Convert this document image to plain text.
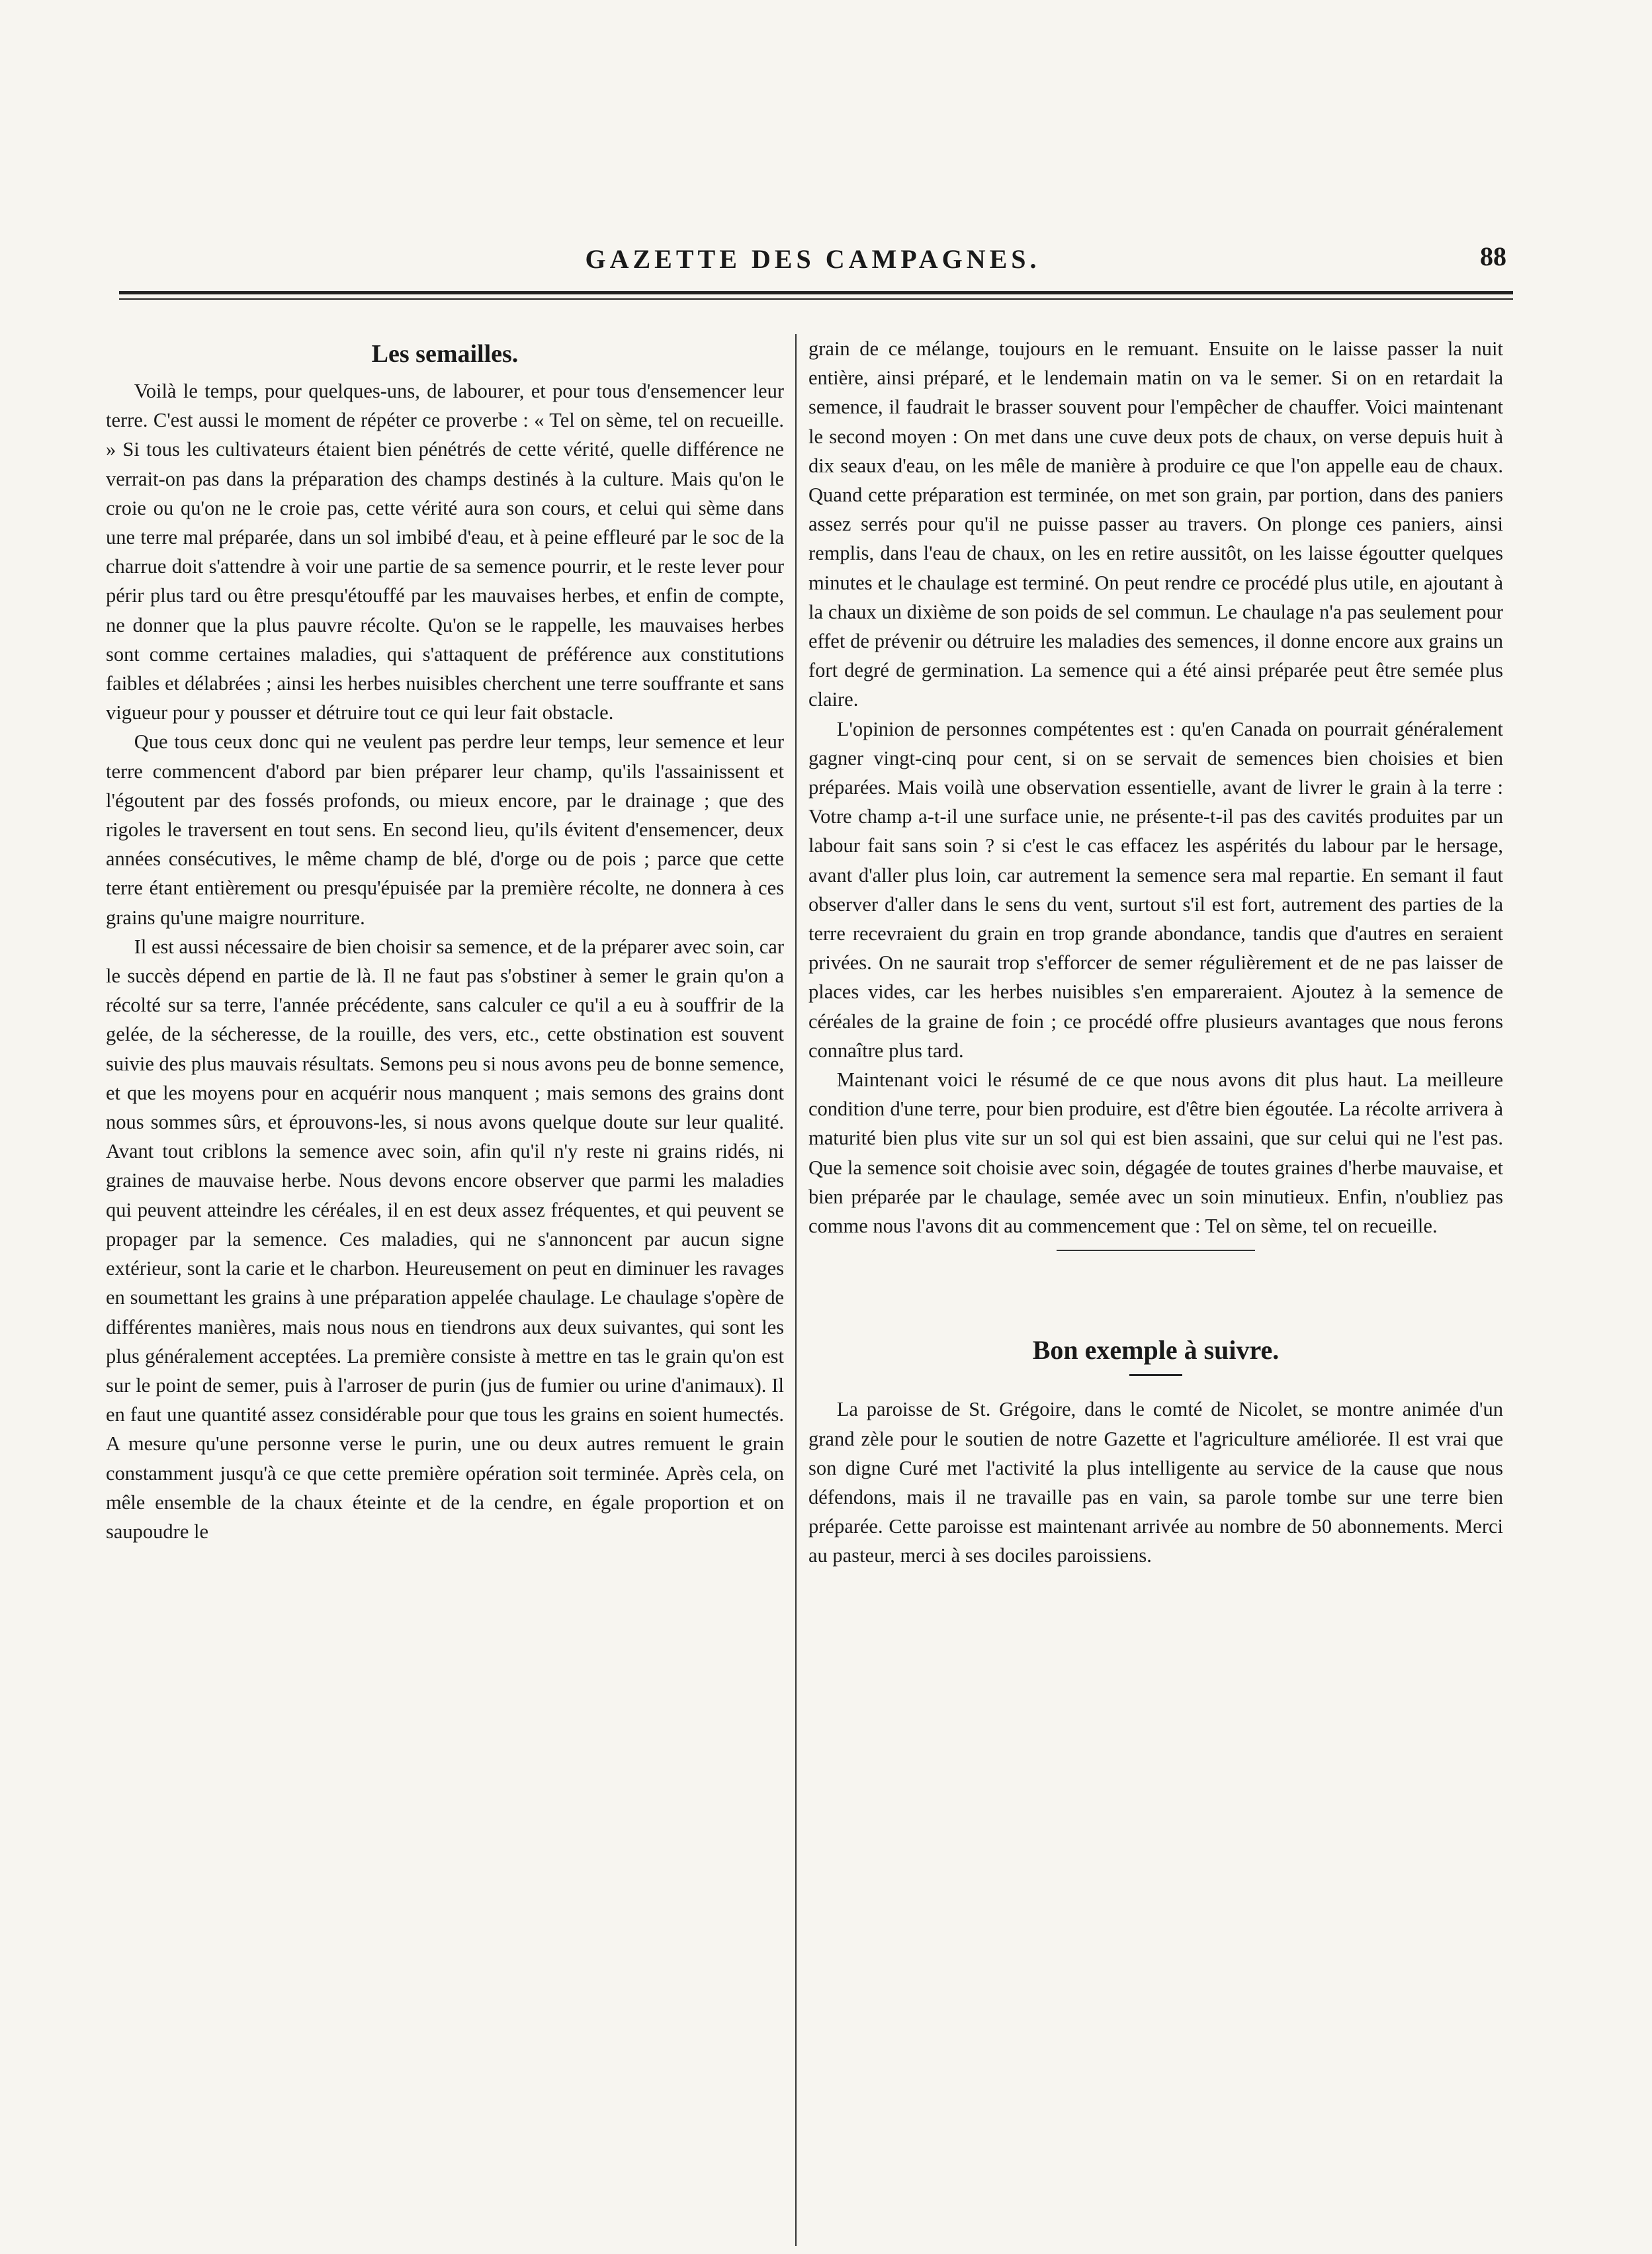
GAZETTE DES CAMPAGNES.	88
Les semailles.

Voilà le temps, pour quelques-uns, de labourer, et pour tous d'ensemencer leur terre. C'est aussi le moment de répéter ce proverbe : « Tel on sème, tel on recueille. » Si tous les cultivateurs étaient bien pénétrés de cette vérité, quelle différence ne verrait-on pas dans la préparation des champs destinés à la culture. Mais qu'on le croie ou qu'on ne le croie pas, cette vérité aura son cours, et celui qui sème dans une terre mal préparée, dans un sol imbibé d'eau, et à peine effleuré par le soc de la charrue doit s'attendre à voir une partie de sa semence pourrir, et le reste lever pour périr plus tard ou être presqu'étouffé par les mauvaises herbes, et enfin de compte, ne donner que la plus pauvre récolte. Qu'on se le rappelle, les mauvaises herbes sont comme certaines maladies, qui s'attaquent de préférence aux constitutions faibles et délabrées ; ainsi les herbes nuisibles cherchent une terre souffrante et sans vigueur pour y pousser et détruire tout ce qui leur fait obstacle.

Que tous ceux donc qui ne veulent pas perdre leur temps, leur semence et leur terre commencent d'abord par bien préparer leur champ, qu'ils l'assainissent et l'égoutent par des fossés profonds, ou mieux encore, par le drainage ; que des rigoles le traversent en tout sens. En second lieu, qu'ils évitent d'ensemencer, deux années consécutives, le même champ de blé, d'orge ou de pois ; parce que cette terre étant entièrement ou presqu'épuisée par la première récolte, ne donnera à ces grains qu'une maigre nourriture.

Il est aussi nécessaire de bien choisir sa semence, et de la préparer avec soin, car le succès dépend en partie de là. Il ne faut pas s'obstiner à semer le grain qu'on a récolté sur sa terre, l'année précédente, sans calculer ce qu'il a eu à souffrir de la gelée, de la sécheresse, de la rouille, des vers, etc., cette obstination est souvent suivie des plus mauvais résultats. Semons peu si nous avons peu de bonne semence, et que les moyens pour en acquérir nous manquent ; mais semons des grains dont nous sommes sûrs, et éprouvons-les, si nous avons quelque doute sur leur qualité. Avant tout criblons la semence avec soin, afin qu'il n'y reste ni grains ridés, ni graines de mauvaise herbe. Nous devons encore observer que parmi les maladies qui peuvent atteindre les céréales, il en est deux assez fréquentes, et qui peuvent se propager par la semence. Ces maladies, qui ne s'annoncent par aucun signe extérieur, sont la carie et le charbon. Heureusement on peut en diminuer les ravages en soumettant les grains à une préparation appelée chaulage. Le chaulage s'opère de différentes manières, mais nous nous en tiendrons aux deux suivantes, qui sont les plus généralement acceptées. La première consiste à mettre en tas le grain qu'on est sur le point de semer, puis à l'arroser de purin (jus de fumier ou urine d'animaux). Il en faut une quantité assez considérable pour que tous les grains en soient humectés. A mesure qu'une personne verse le purin, une ou deux autres remuent le grain constamment jusqu'à ce que cette première opération soit terminée. Après cela, on mêle ensemble de la chaux éteinte et de la cendre, en égale proportion et on saupoudre le

grain de ce mélange, toujours en le remuant. Ensuite on le laisse passer la nuit entière, ainsi préparé, et le lendemain matin on va le semer. Si on en retardait la semence, il faudrait le brasser souvent pour l'empêcher de chauffer. Voici maintenant le second moyen : On met dans une cuve deux pots de chaux, on verse depuis huit à dix seaux d'eau, on les mêle de manière à produire ce que l'on appelle eau de chaux. Quand cette préparation est terminée, on met son grain, par portion, dans des paniers assez serrés pour qu'il ne puisse passer au travers. On plonge ces paniers, ainsi remplis, dans l'eau de chaux, on les en retire aussitôt, on les laisse égoutter quelques minutes et le chaulage est terminé. On peut rendre ce procédé plus utile, en ajoutant à la chaux un dixième de son poids de sel commun. Le chaulage n'a pas seulement pour effet de prévenir ou détruire les maladies des semences, il donne encore aux grains un fort degré de germination. La semence qui a été ainsi préparée peut être semée plus claire.

L'opinion de personnes compétentes est : qu'en Canada on pourrait généralement gagner vingt-cinq pour cent, si on se servait de semences bien choisies et bien préparées. Mais voilà une observation essentielle, avant de livrer le grain à la terre : Votre champ a-t-il une surface unie, ne présente-t-il pas des cavités produites par un labour fait sans soin ? si c'est le cas effacez les aspérités du labour par le hersage, avant d'aller plus loin, car autrement la semence sera mal repartie. En semant il faut observer d'aller dans le sens du vent, surtout s'il est fort, autrement des parties de la terre recevraient du grain en trop grande abondance, tandis que d'autres en seraient privées. On ne saurait trop s'efforcer de semer régulièrement et de ne pas laisser de places vides, car les herbes nuisibles s'en empareraient. Ajoutez à la semence de céréales de la graine de foin ; ce procédé offre plusieurs avantages que nous ferons connaître plus tard.

Maintenant voici le résumé de ce que nous avons dit plus haut. La meilleure condition d'une terre, pour bien produire, est d'être bien égoutée. La récolte arrivera à maturité bien plus vite sur un sol qui est bien assaini, que sur celui qui ne l'est pas. Que la semence soit choisie avec soin, dégagée de toutes graines d'herbe mauvaise, et bien préparée par le chaulage, semée avec un soin minutieux. Enfin, n'oubliez pas comme nous l'avons dit au commencement que : Tel on sème, tel on recueille.

Bon exemple à suivre.

La paroisse de St. Grégoire, dans le comté de Nicolet, se montre animée d'un grand zèle pour le soutien de notre Gazette et l'agriculture améliorée. Il est vrai que son digne Curé met l'activité la plus intelligente au service de la cause que nous défendons, mais il ne travaille pas en vain, sa parole tombe sur une terre bien préparée. Cette paroisse est maintenant arrivée au nombre de 50 abonnements. Merci au pasteur, merci à ses dociles paroissiens.
